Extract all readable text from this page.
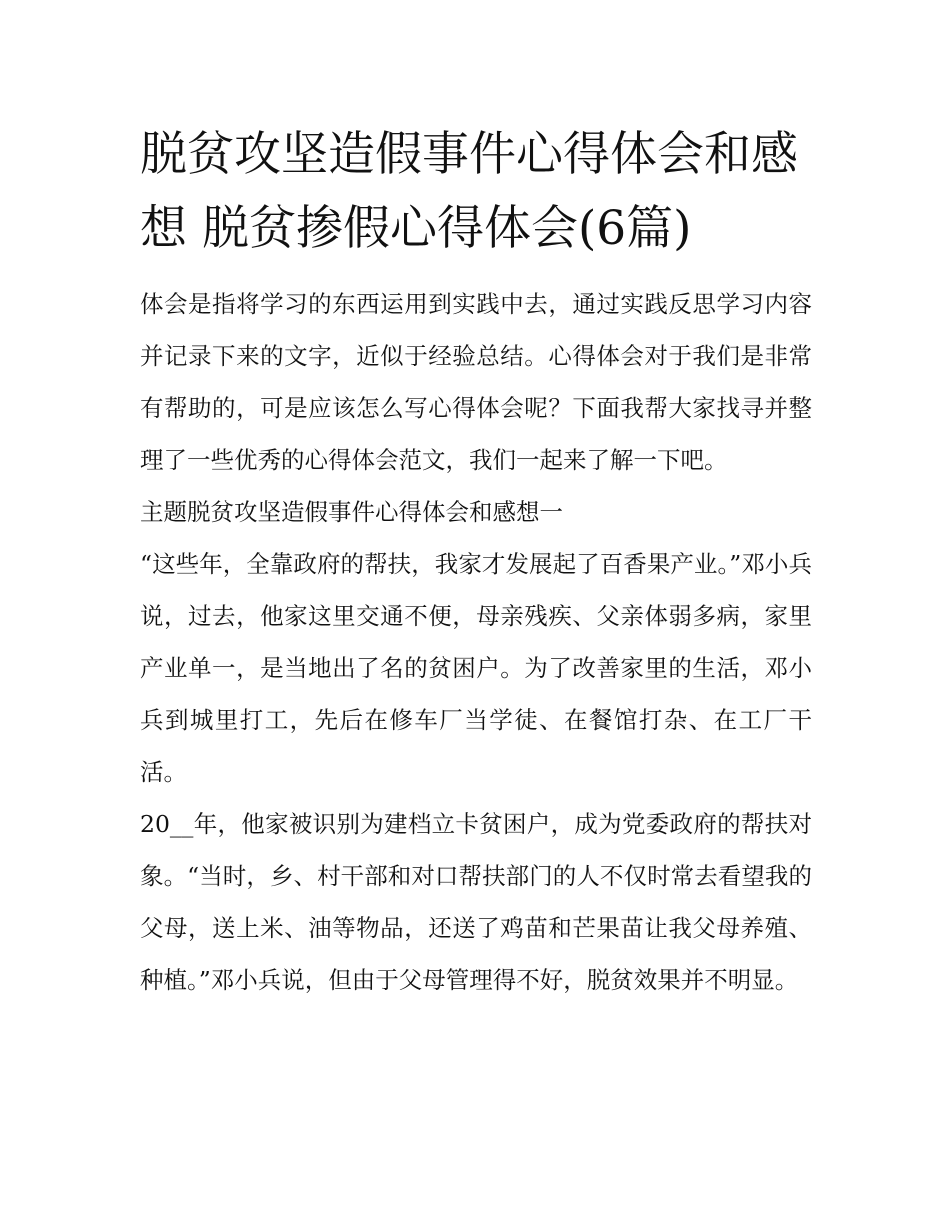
脱贫攻坚造假事件心得体会和感想 脱贫掺假心得体会(6篇)

体会是指将学习的东西运用到实践中去，通过实践反思学习内容并记录下来的文字，近似于经验总结。心得体会对于我们是非常有帮助的，可是应该怎么写心得体会呢？下面我帮大家找寻并整理了一些优秀的心得体会范文，我们一起来了解一下吧。

主题脱贫攻坚造假事件心得体会和感想一

“这些年，全靠政府的帮扶，我家才发展起了百香果产业。”邓小兵说，过去，他家这里交通不便，母亲残疾、父亲体弱多病，家里产业单一，是当地出了名的贫困户。为了改善家里的生活，邓小兵到城里打工，先后在修车厂当学徒、在餐馆打杂、在工厂干活。

20__年，他家被识别为建档立卡贫困户，成为党委政府的帮扶对象。“当时，乡、村干部和对口帮扶部门的人不仅时常去看望我的父母，送上米、油等物品，还送了鸡苗和芒果苗让我父母养殖、种植。”邓小兵说，但由于父母管理得不好，脱贫效果并不明显。
